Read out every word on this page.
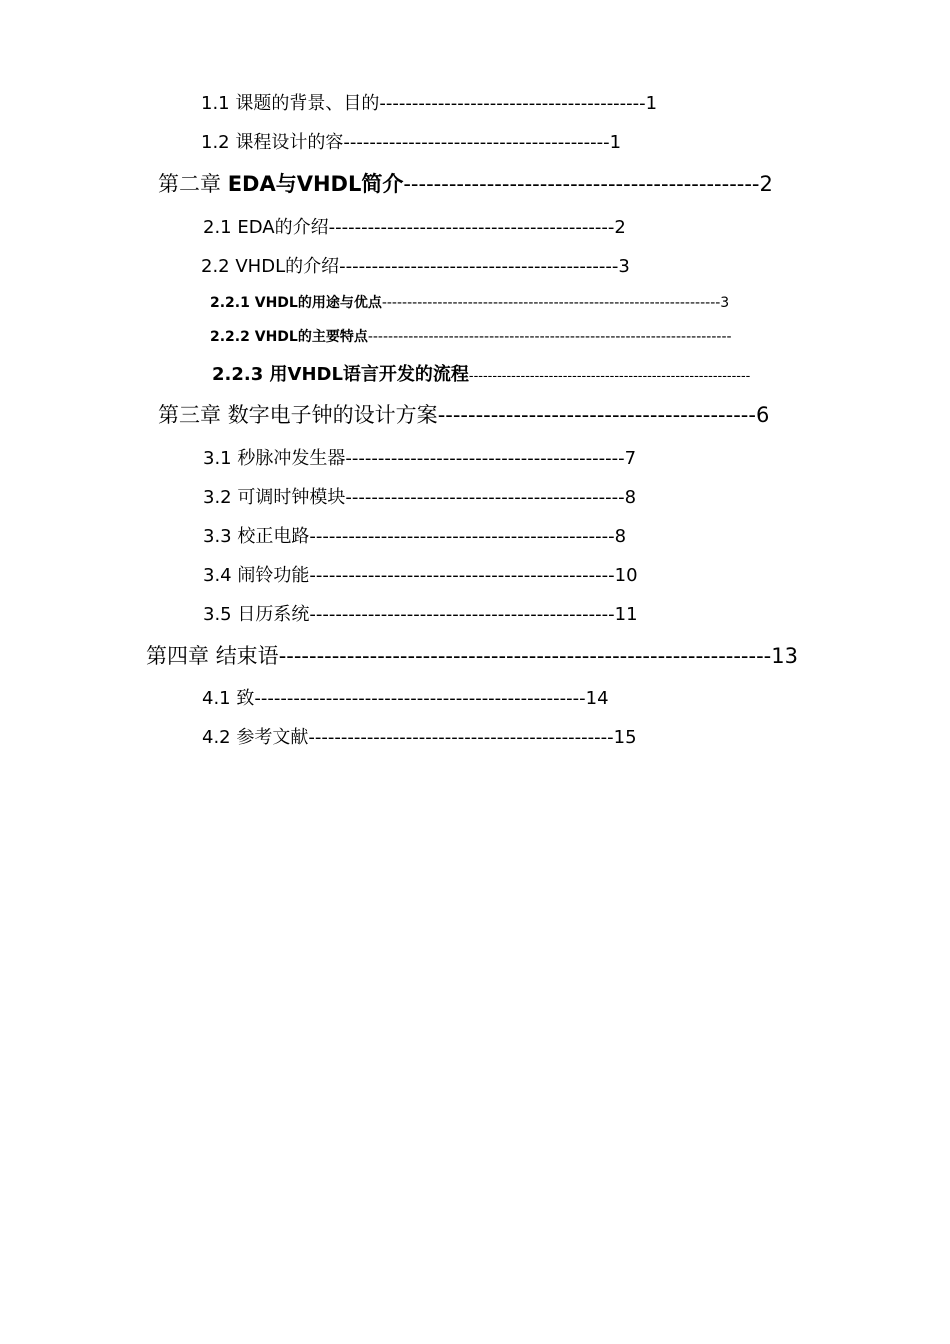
1.1 课题的背景、目的-----------------------------------------1
1.2 课程设计的容-----------------------------------------1
第二章 EDA与VHDL简介-----------------------------------------------2
2.1 EDA的介绍--------------------------------------------2
2.2 VHDL的介绍-------------------------------------------3
2.2.1 VHDL的用途与优点-------------------------------------------------------------------3
2.2.2 VHDL的主要特点------------------------------------------------------------------------
2.2.3 用VHDL语言开发的流程------------------------------------------------------------
第三章 数字电子钟的设计方案------------------------------------------6
3.1 秒脉冲发生器-------------------------------------------7
3.2 可调时钟模块-------------------------------------------8
3.3 校正电路-----------------------------------------------8
3.4 闹铃功能-----------------------------------------------10
3.5 日历系统-----------------------------------------------11
第四章 结束语-----------------------------------------------------------------13
4.1 致---------------------------------------------------14
4.2 参考文献-----------------------------------------------15
